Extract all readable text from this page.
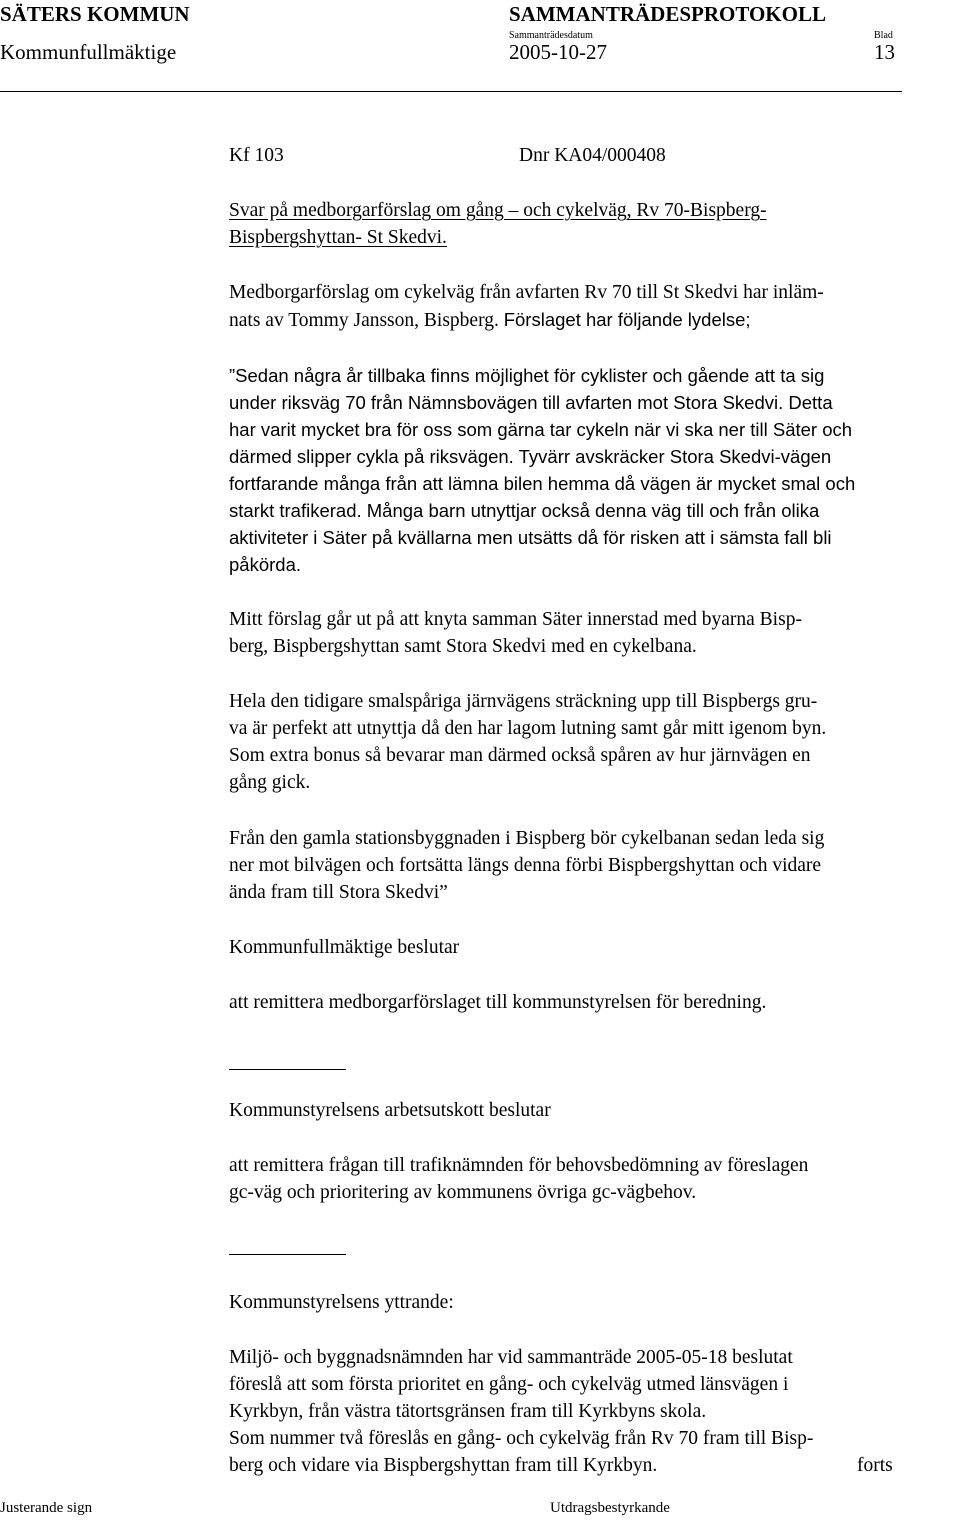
SÄTERS KOMMUN	SAMMANTRÄDESPROTOKOLL
Sammanträdesdatum	Blad
Kommunfullmäktige	2005-10-27	13
Kf 103	Dnr KA04/000408
Svar på medborgarförslag om gång – och cykelväg, Rv 70-Bispberg-
Bispbergshyttan- St Skedvi.
Medborgarförslag om cykelväg från avfarten Rv 70 till St Skedvi har inläm-
nats av Tommy Jansson, Bispberg. Förslaget har följande lydelse;
”Sedan några år tillbaka finns möjlighet för cyklister och gående att ta sig
under riksväg 70 från Nämnsbovägen till avfarten mot Stora Skedvi. Detta
har varit mycket bra för oss som gärna tar cykeln när vi ska ner till Säter och
därmed slipper cykla på riksvägen. Tyvärr avskräcker Stora Skedvi-vägen
fortfarande många från att lämna bilen hemma då vägen är mycket smal och
starkt trafikerad. Många barn utnyttjar också denna väg till och från olika
aktiviteter i Säter på kvällarna men utsätts då för risken att i sämsta fall bli
påkörda.
Mitt förslag går ut på att knyta samman Säter innerstad med byarna Bisp-
berg, Bispbergshyttan samt Stora Skedvi med en cykelbana.
Hela den tidigare smalspåriga järnvägens sträckning upp till Bispbergs gru-
va är perfekt att utnyttja då den har lagom lutning samt går mitt igenom byn.
Som extra bonus så bevarar man därmed också spåren av hur järnvägen en
gång gick.
Från den gamla stationsbyggnaden i Bispberg bör cykelbanan sedan leda sig
ner mot bilvägen och fortsätta längs denna förbi Bispbergshyttan och vidare
ända fram till Stora Skedvi”
Kommunfullmäktige beslutar
att remittera medborgarförslaget till kommunstyrelsen för beredning.
Kommunstyrelsens arbetsutskott beslutar
att remittera frågan till trafiknämnden för behovsbedömning av föreslagen
gc-väg och prioritering av kommunens övriga gc-vägbehov.
Kommunstyrelsens yttrande:
Miljö- och byggnadsnämnden har vid sammanträde 2005-05-18 beslutat
föreslå att som första prioritet en gång- och cykelväg utmed länsvägen i
Kyrkbyn, från västra tätortsgränsen fram till Kyrkbyns skola.
Som nummer två föreslås en gång- och cykelväg från Rv 70 fram till Bisp-
berg och vidare via Bispbergshyttan fram till Kyrkbyn.	forts
Justerande sign	Utdragsbestyrkande
